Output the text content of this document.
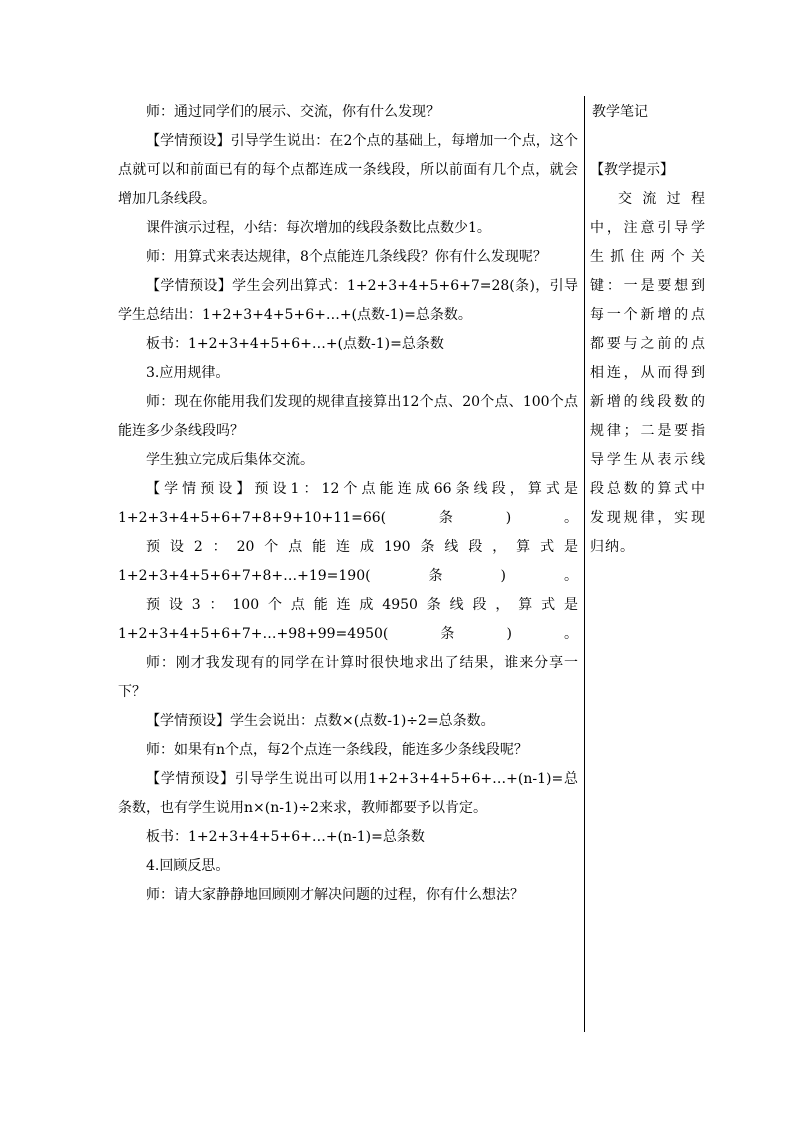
师：通过同学们的展示、交流，你有什么发现？

【学情预设】引导学生说出：在2个点的基础上，每增加一个点，这个点就可以和前面已有的每个点都连成一条线段，所以前面有几个点，就会增加几条线段。

课件演示过程，小结：每次增加的线段条数比点数少1。

师：用算式来表达规律，8个点能连几条线段？你有什么发现呢？

【学情预设】学生会列出算式：1+2+3+4+5+6+7=28(条)，引导学生总结出：1+2+3+4+5+6+…+(点数-1)=总条数。

板书：1+2+3+4+5+6+…+(点数-1)=总条数

3.应用规律。

师：现在你能用我们发现的规律直接算出12个点、20个点、100个点能连多少条线段吗？

学生独立完成后集体交流。

【学情预设】预设1：12个点能连成66条线段，算式是1+2+3+4+5+6+7+8+9+10+11=66(条)。

预设2：20个点能连成190条线段，算式是1+2+3+4+5+6+7+8+…+19=190(条)。

预设3：100个点能连成4950条线段，算式是1+2+3+4+5+6+7+…+98+99=4950(条)。

师：刚才我发现有的同学在计算时很快地求出了结果，谁来分享一下？

【学情预设】学生会说出：点数×(点数-1)÷2=总条数。

师：如果有n个点，每2个点连一条线段，能连多少条线段呢？

【学情预设】引导学生说出可以用1+2+3+4+5+6+…+(n-1)=总条数，也有学生说用n×(n-1)÷2来求，教师都要予以肯定。

板书：1+2+3+4+5+6+…+(n-1)=总条数

4.回顾反思。

师：请大家静静地回顾刚才解决问题的过程，你有什么想法？

教学笔记

【教学提示】

交流过程中，注意引导学生抓住两个关键：一是要想到每一个新增的点都要与之前的点相连，从而得到新增的线段数的规律；二是要指导学生从表示线段总数的算式中发现规律，实现归纳。
